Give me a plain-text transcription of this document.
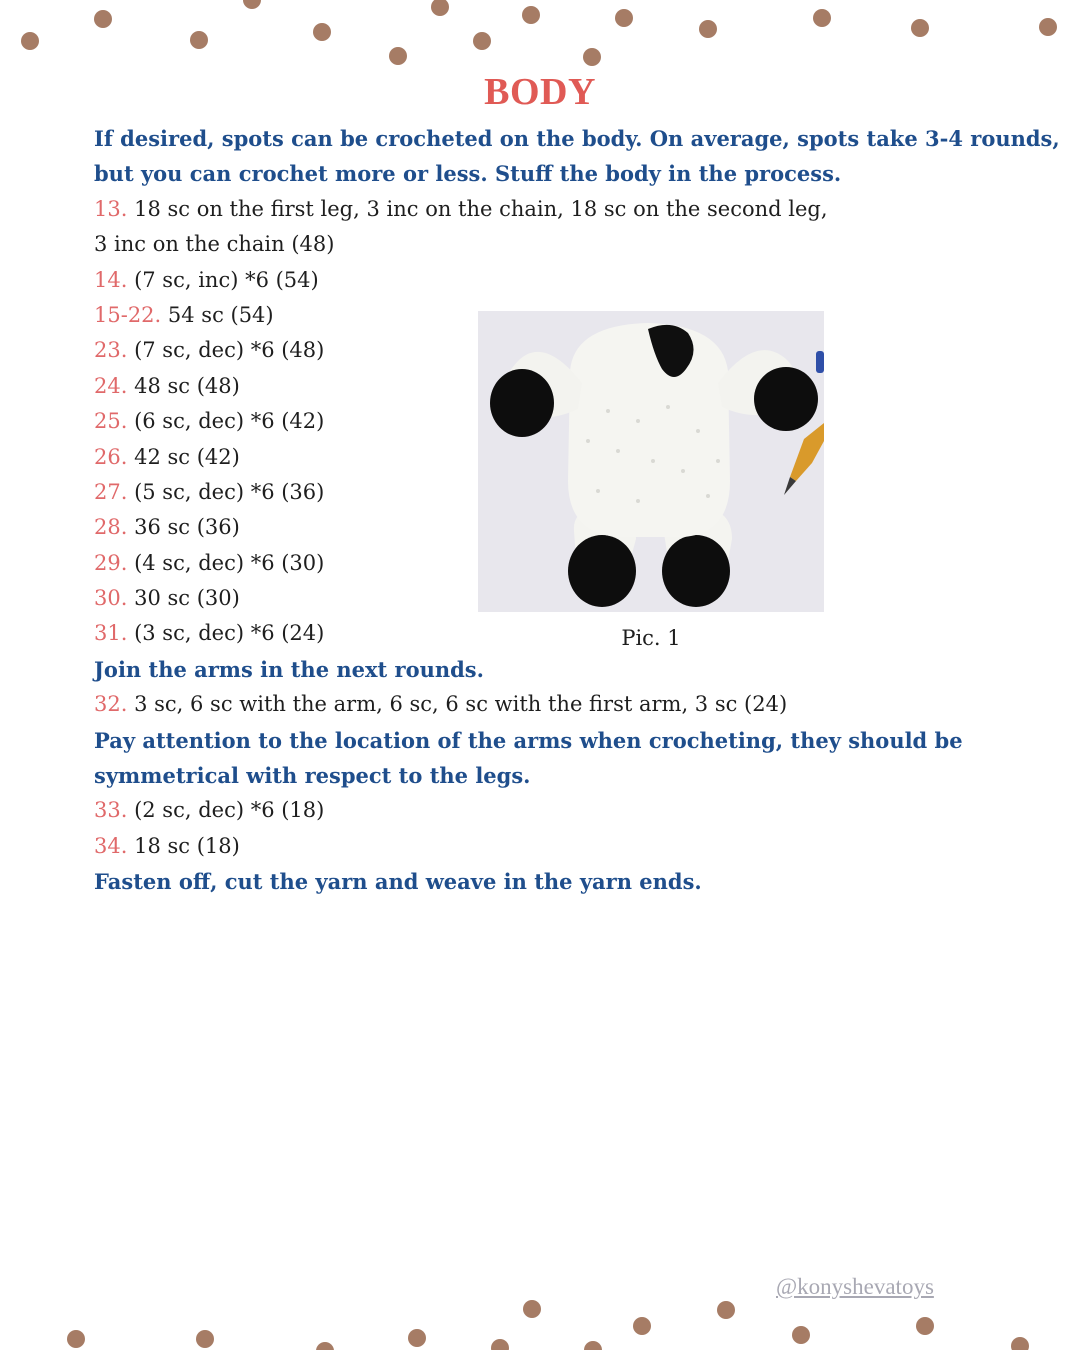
BODY
If desired, spots can be crocheted on the body. On average, spots take 3-4 rounds,
but you can crochet more or less. Stuff the body in the process.
13. 18 sc on the first leg, 3 inc on the chain, 18 sc on the second leg,
3 inc on the chain (48)
14. (7 sc, inc) *6 (54)
15-22. 54 sc (54)
23. (7 sc, dec) *6 (48)
24. 48 sc (48)
25. (6 sc, dec) *6 (42)
26. 42 sc (42)
27. (5 sc, dec) *6 (36)
28. 36 sc (36)
29. (4 sc, dec) *6 (30)
30. 30 sc (30)
31. (3 sc, dec) *6 (24)
Join the arms in the next rounds.
32. 3 sc, 6 sc with the arm, 6 sc, 6 sc with the first arm, 3 sc (24)
Pay attention to the location of the arms when crocheting, they should be
symmetrical with respect to the legs.
33. (2 sc, dec) *6 (18)
34. 18 sc (18)
Fasten off, cut the yarn and weave in the yarn ends.
Pic. 1
@konyshevatoys
